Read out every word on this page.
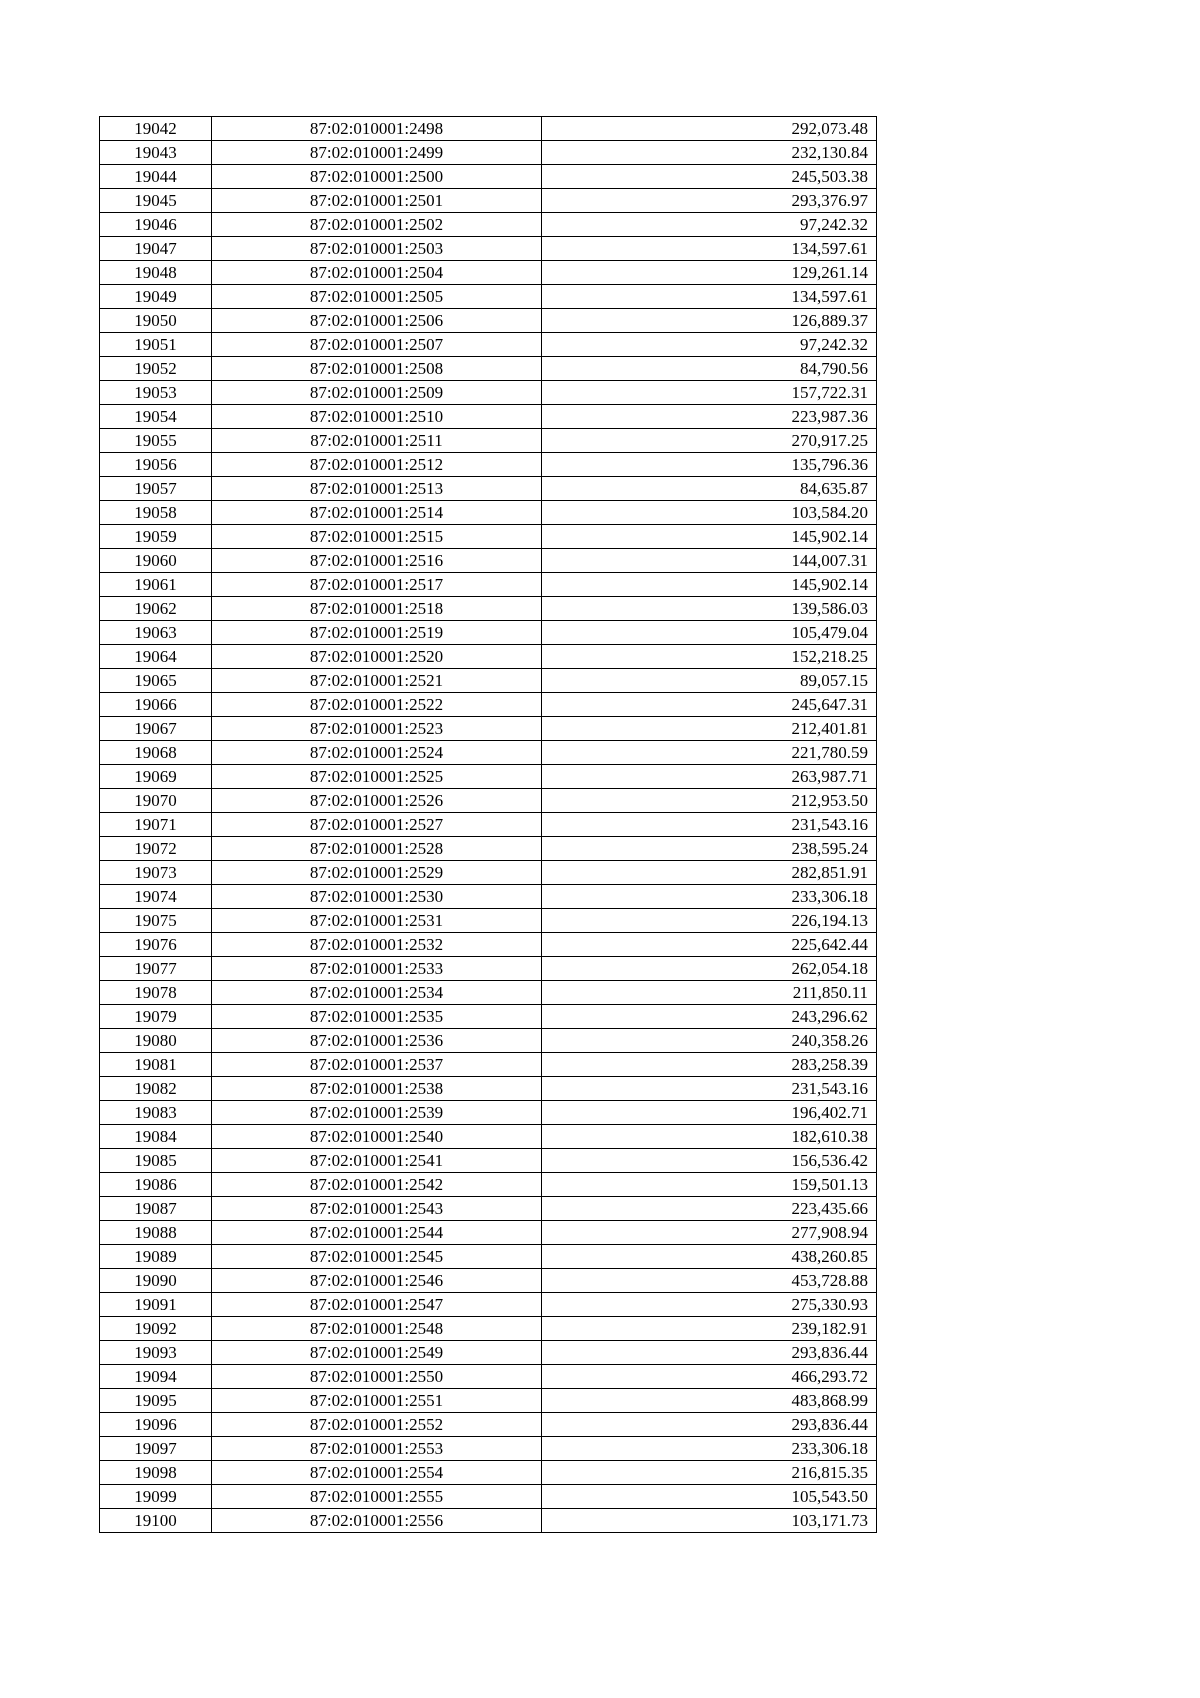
19042	87:02:010001:2498	292,073.48
19043	87:02:010001:2499	232,130.84
19044	87:02:010001:2500	245,503.38
19045	87:02:010001:2501	293,376.97
19046	87:02:010001:2502	97,242.32
19047	87:02:010001:2503	134,597.61
19048	87:02:010001:2504	129,261.14
19049	87:02:010001:2505	134,597.61
19050	87:02:010001:2506	126,889.37
19051	87:02:010001:2507	97,242.32
19052	87:02:010001:2508	84,790.56
19053	87:02:010001:2509	157,722.31
19054	87:02:010001:2510	223,987.36
19055	87:02:010001:2511	270,917.25
19056	87:02:010001:2512	135,796.36
19057	87:02:010001:2513	84,635.87
19058	87:02:010001:2514	103,584.20
19059	87:02:010001:2515	145,902.14
19060	87:02:010001:2516	144,007.31
19061	87:02:010001:2517	145,902.14
19062	87:02:010001:2518	139,586.03
19063	87:02:010001:2519	105,479.04
19064	87:02:010001:2520	152,218.25
19065	87:02:010001:2521	89,057.15
19066	87:02:010001:2522	245,647.31
19067	87:02:010001:2523	212,401.81
19068	87:02:010001:2524	221,780.59
19069	87:02:010001:2525	263,987.71
19070	87:02:010001:2526	212,953.50
19071	87:02:010001:2527	231,543.16
19072	87:02:010001:2528	238,595.24
19073	87:02:010001:2529	282,851.91
19074	87:02:010001:2530	233,306.18
19075	87:02:010001:2531	226,194.13
19076	87:02:010001:2532	225,642.44
19077	87:02:010001:2533	262,054.18
19078	87:02:010001:2534	211,850.11
19079	87:02:010001:2535	243,296.62
19080	87:02:010001:2536	240,358.26
19081	87:02:010001:2537	283,258.39
19082	87:02:010001:2538	231,543.16
19083	87:02:010001:2539	196,402.71
19084	87:02:010001:2540	182,610.38
19085	87:02:010001:2541	156,536.42
19086	87:02:010001:2542	159,501.13
19087	87:02:010001:2543	223,435.66
19088	87:02:010001:2544	277,908.94
19089	87:02:010001:2545	438,260.85
19090	87:02:010001:2546	453,728.88
19091	87:02:010001:2547	275,330.93
19092	87:02:010001:2548	239,182.91
19093	87:02:010001:2549	293,836.44
19094	87:02:010001:2550	466,293.72
19095	87:02:010001:2551	483,868.99
19096	87:02:010001:2552	293,836.44
19097	87:02:010001:2553	233,306.18
19098	87:02:010001:2554	216,815.35
19099	87:02:010001:2555	105,543.50
19100	87:02:010001:2556	103,171.73
